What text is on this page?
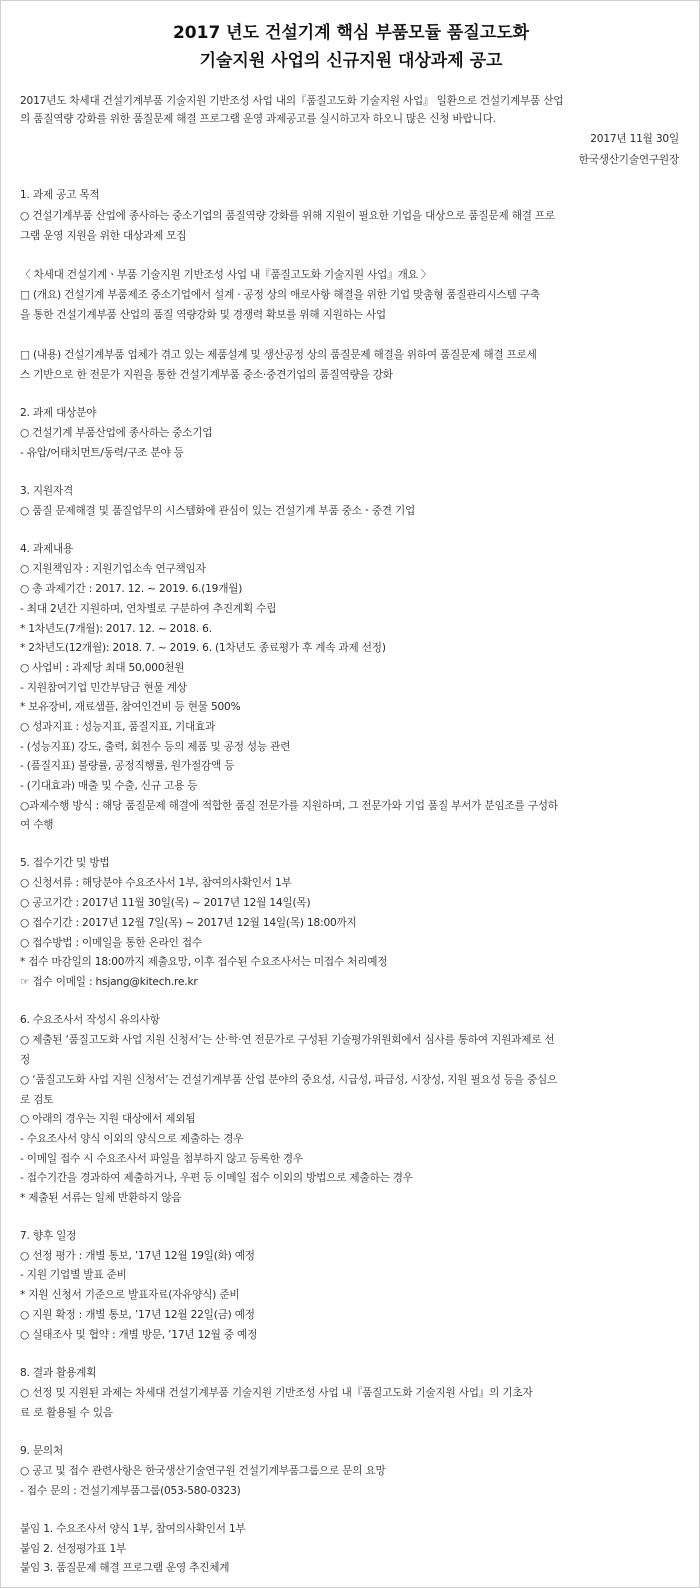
2017 년도 건설기계 핵심 부품모듈 품질고도화
기술지원 사업의 신규지원 대상과제 공고
2017년도 차세대 건설기계부품 기술지원 기반조성 사업 내의『품질고도화 기술지원 사업』 일환으로 건설기계부품 산업
의 품질역량 강화를 위한 품질문제 해결 프로그램 운영 과제공고를 실시하고자 하오니 많은 신청 바랍니다.
2017년 11월 30일
한국생산기술연구원장
1. 과제 공고 목적
○ 건설기계부품 산업에 종사하는 중소기업의 품질역량 강화를 위해 지원이 필요한 기업을 대상으로 품질문제 해결 프로
그램 운영 지원을 위한 대상과제 모집
〈 차세대 건설기계ㆍ부품 기술지원 기반조성 사업 내『품질고도화 기술지원 사업』개요 〉
□ (개요) 건설기계 부품제조 중소기업에서 설계 · 공정 상의 애로사항 해결을 위한 기업 맞춤형 품질관리시스템 구축
을 통한 건설기계부품 산업의 품질 역량강화 및 경쟁력 확보를 위해 지원하는 사업
□ (내용) 건설기계부품 업체가 겪고 있는 제품설계 및 생산공정 상의 품질문제 해결을 위하여 품질문제 해결 프로세
스 기반으로 한 전문가 지원을 통한 건설기계부품 중소·중견기업의 품질역량을 강화
2. 과제 대상분야
○ 건설기계 부품산업에 종사하는 중소기업
- 유압/어태치먼트/동력/구조 분야 등
3. 지원자격
○ 품질 문제해결 및 품질업무의 시스템화에 관심이 있는 건설기계 부품 중소ㆍ중견 기업
4. 과제내용
○ 지원책임자 : 지원기업소속 연구책임자
○ 총 과제기간 : 2017. 12. ~ 2019. 6.(19개월)
- 최대 2년간 지원하며, 연차별로 구분하여 추진계획 수립
* 1차년도(7개월): 2017. 12. ~ 2018. 6.
* 2차년도(12개월): 2018. 7. ~ 2019. 6. (1차년도 종료평가 후 계속 과제 선정)
○ 사업비 : 과제당 최대 50,000천원
- 지원참여기업 민간부담금 현물 계상
* 보유장비, 재료샘플, 참여인건비 등 현물 500%
○ 성과지표 : 성능지표, 품질지표, 기대효과
- (성능지표) 강도, 출력, 회전수 등의 제품 및 공정 성능 관련
- (품질지표) 불량률, 공정직행률, 원가절감액 등
- (기대효과) 매출 및 수출, 신규 고용 등
○과제수행 방식 : 해당 품질문제 해결에 적합한 품질 전문가를 지원하며, 그 전문가와 기업 품질 부서가 분임조를 구성하
여 수행
5. 접수기간 및 방법
○ 신청서류 : 해당분야 수요조사서 1부, 참여의사확인서 1부
○ 공고기간 : 2017년 11월 30일(목) ~ 2017년 12월 14일(목)
○ 접수기간 : 2017년 12월 7일(목) ~ 2017년 12월 14일(목) 18:00까지
○ 접수방법 : 이메일을 통한 온라인 접수
* 접수 마감일의 18:00까지 제출요망, 이후 접수된 수요조사서는 미접수 처리예정
☞ 접수 이메일 : hsjang@kitech.re.kr
6. 수요조사서 작성시 유의사항
○ 제출된 ‘품질고도화 사업 지원 신청서’는 산·학·연 전문가로 구성된 기술평가위원회에서 심사를 통하여 지원과제로 선
정
○ ‘품질고도화 사업 지원 신청서’는 건설기계부품 산업 분야의 중요성, 시급성, 파급성, 시장성, 지원 필요성 등을 중심으
로 검토
○ 아래의 경우는 지원 대상에서 제외됨
- 수요조사서 양식 이외의 양식으로 제출하는 경우
- 이메일 접수 시 수요조사서 파일을 첨부하지 않고 등록한 경우
- 접수기간을 경과하여 제출하거나, 우편 등 이메일 접수 이외의 방법으로 제출하는 경우
* 제출된 서류는 일체 반환하지 않음
7. 향후 일정
○ 선정 평가 : 개별 통보, ’17년 12월 19일(화) 예정
- 지원 기업별 발표 준비
* 지원 신청서 기준으로 발표자료(자유양식) 준비
○ 지원 확정 : 개별 통보, ’17년 12월 22일(금) 예정
○ 실태조사 및 협약 : 개별 방문, ’17년 12월 중 예정
8. 결과 활용계획
○ 선정 및 지원된 과제는 차세대 건설기계부품 기술지원 기반조성 사업 내『품질고도화 기술지원 사업』의 기초자
료 로 활용될 수 있음
9. 문의처
○ 공고 및 접수 관련사항은 한국생산기술연구원 건설기계부품그룹으로 문의 요망
- 접수 문의 : 건설기계부품그룹(053-580-0323)
붙임 1. 수요조사서 양식 1부, 참여의사확인서 1부
붙임 2. 선정평가표 1부
붙임 3. 품질문제 해결 프로그램 운영 추진체계
